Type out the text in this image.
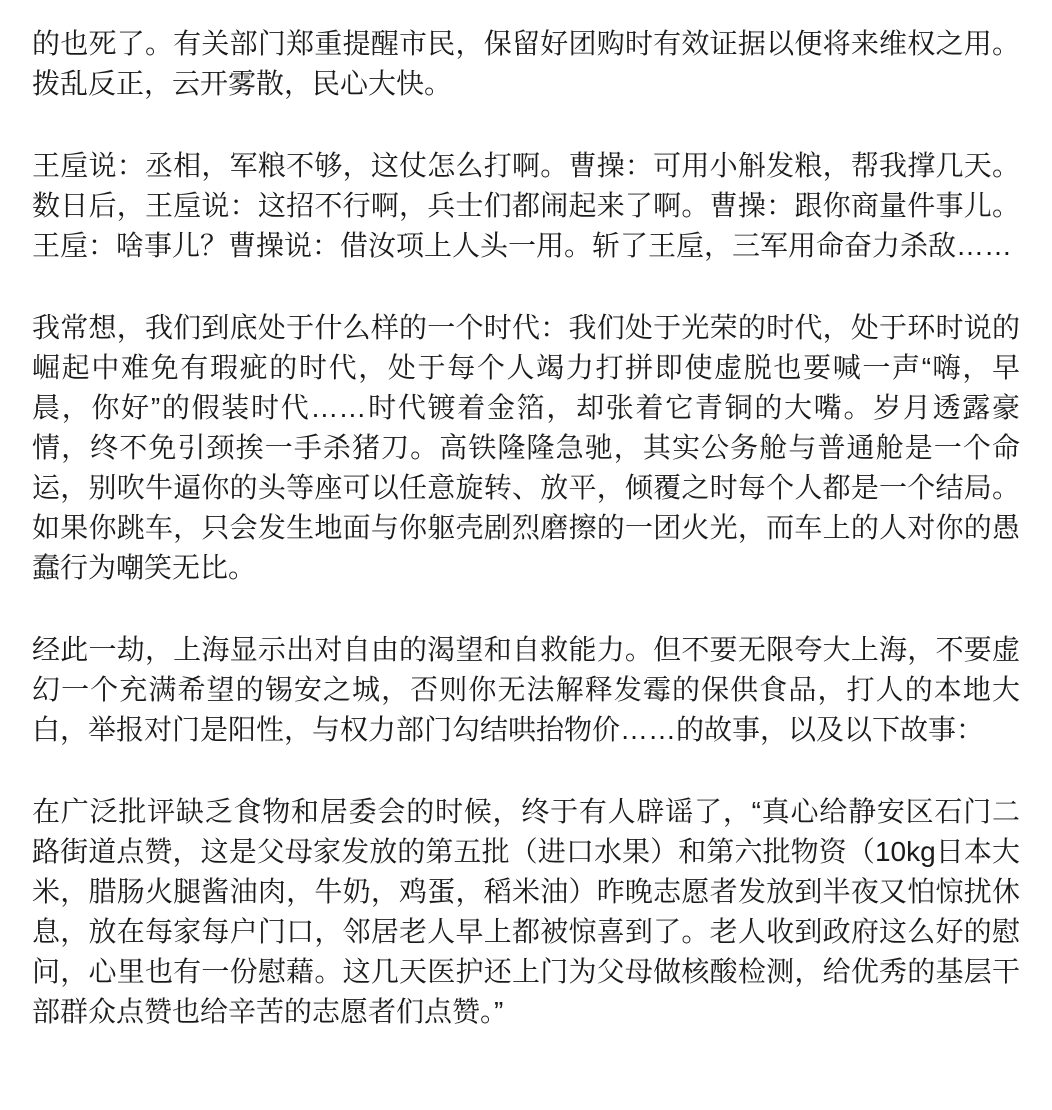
的也死了。有关部门郑重提醒市民，保留好团购时有效证据以便将来维权之用。拨乱反正，云开雾散，民心大快。

王垕说：丞相，军粮不够，这仗怎么打啊。曹操：可用小斛发粮，帮我撑几天。数日后，王垕说：这招不行啊，兵士们都闹起来了啊。曹操：跟你商量件事儿。王垕：啥事儿？曹操说：借汝项上人头一用。斩了王垕，三军用命奋力杀敌……

我常想，我们到底处于什么样的一个时代：我们处于光荣的时代，处于环时说的崛起中难免有瑕疵的时代，处于每个人竭力打拼即使虚脱也要喊一声“嗨，早晨，你好”的假装时代……时代镀着金箔，却张着它青铜的大嘴。岁月透露豪情，终不免引颈挨一手杀猪刀。高铁隆隆急驰，其实公务舱与普通舱是一个命运，别吹牛逼你的头等座可以任意旋转、放平，倾覆之时每个人都是一个结局。如果你跳车，只会发生地面与你躯壳剧烈磨擦的一团火光，而车上的人对你的愚蠢行为嘲笑无比。

经此一劫，上海显示出对自由的渴望和自救能力。但不要无限夸大上海，不要虚幻一个充满希望的锡安之城，否则你无法解释发霉的保供食品，打人的本地大白，举报对门是阳性，与权力部门勾结哄抬物价……的故事，以及以下故事：

在广泛批评缺乏食物和居委会的时候，终于有人辟谣了，“真心给静安区石门二路街道点赞，这是父母家发放的第五批（进口水果）和第六批物资（10kg日本大米，腊肠火腿酱油肉，牛奶，鸡蛋，稻米油）昨晚志愿者发放到半夜又怕惊扰休息，放在每家每户门口，邻居老人早上都被惊喜到了。老人收到政府这么好的慰问，心里也有一份慰藉。这几天医护还上门为父母做核酸检测，给优秀的基层干部群众点赞也给辛苦的志愿者们点赞。”
